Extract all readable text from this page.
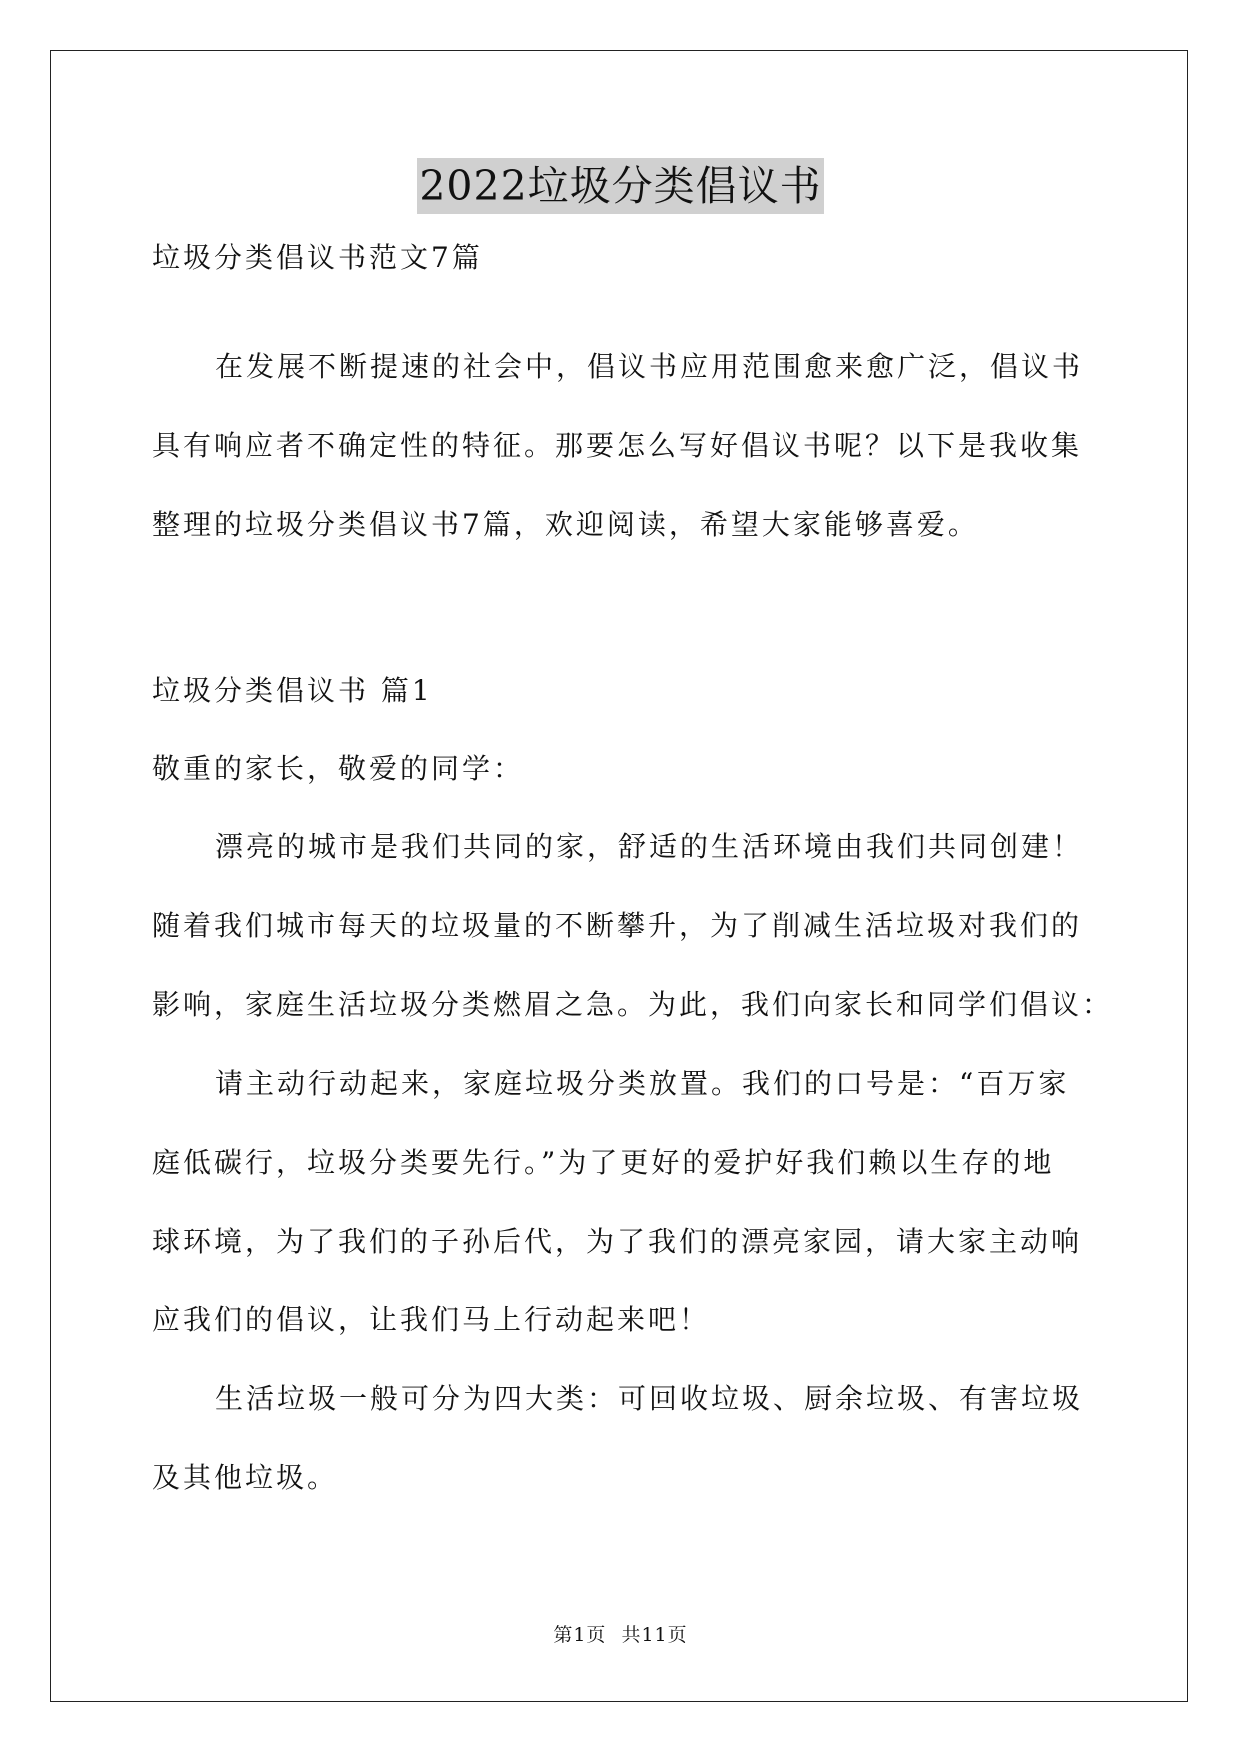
2022垃圾分类倡议书
垃圾分类倡议书范文7篇
在发展不断提速的社会中，倡议书应用范围愈来愈广泛，倡议书
具有响应者不确定性的特征。那要怎么写好倡议书呢？以下是我收集
整理的垃圾分类倡议书7篇，欢迎阅读，希望大家能够喜爱。
垃圾分类倡议书 篇1
敬重的家长，敬爱的同学：
漂亮的城市是我们共同的家，舒适的生活环境由我们共同创建！
随着我们城市每天的垃圾量的不断攀升，为了削减生活垃圾对我们的
影响，家庭生活垃圾分类燃眉之急。为此，我们向家长和同学们倡议：
请主动行动起来，家庭垃圾分类放置。我们的口号是：“百万家
庭低碳行，垃圾分类要先行。”为了更好的爱护好我们赖以生存的地
球环境，为了我们的子孙后代，为了我们的漂亮家园，请大家主动响
应我们的倡议，让我们马上行动起来吧！
生活垃圾一般可分为四大类：可回收垃圾、厨余垃圾、有害垃圾
及其他垃圾。
第1页 共11页
